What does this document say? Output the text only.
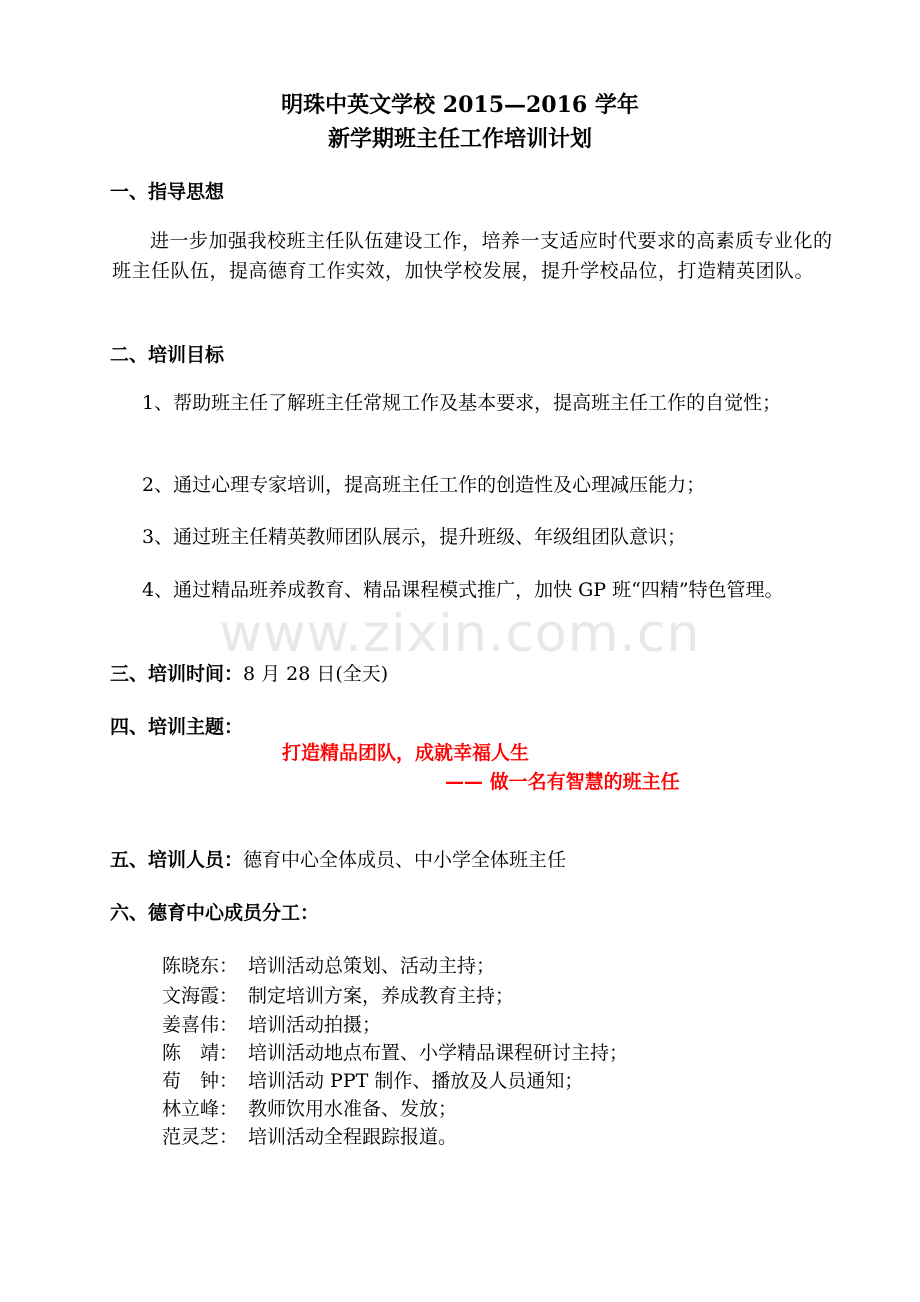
明珠中英文学校 2015—2016 学年
新学期班主任工作培训计划
一、指导思想
进一步加强我校班主任队伍建设工作，培养一支适应时代要求的高素质专业化的班主任队伍，提高德育工作实效，加快学校发展，提升学校品位，打造精英团队。
二、培训目标
1、帮助班主任了解班主任常规工作及基本要求，提高班主任工作的自觉性；
2、通过心理专家培训，提高班主任工作的创造性及心理减压能力；
3、通过班主任精英教师团队展示，提升班级、年级组团队意识；
4、通过精品班养成教育、精品课程模式推广，加快 GP 班“四精”特色管理。
www.zixin.com.cn
三、培训时间：8 月 28 日(全天)
四、培训主题：
打造精品团队，成就幸福人生
—— 做一名有智慧的班主任
五、培训人员：德育中心全体成员、中小学全体班主任
六、德育中心成员分工：
陈晓东： 培训活动总策划、活动主持；
文海霞： 制定培训方案，养成教育主持；
姜喜伟： 培训活动拍摄；
陈　靖： 培训活动地点布置、小学精品课程研讨主持；
荀　钟： 培训活动 PPT 制作、播放及人员通知；
林立峰： 教师饮用水准备、发放；
范灵芝： 培训活动全程跟踪报道。
